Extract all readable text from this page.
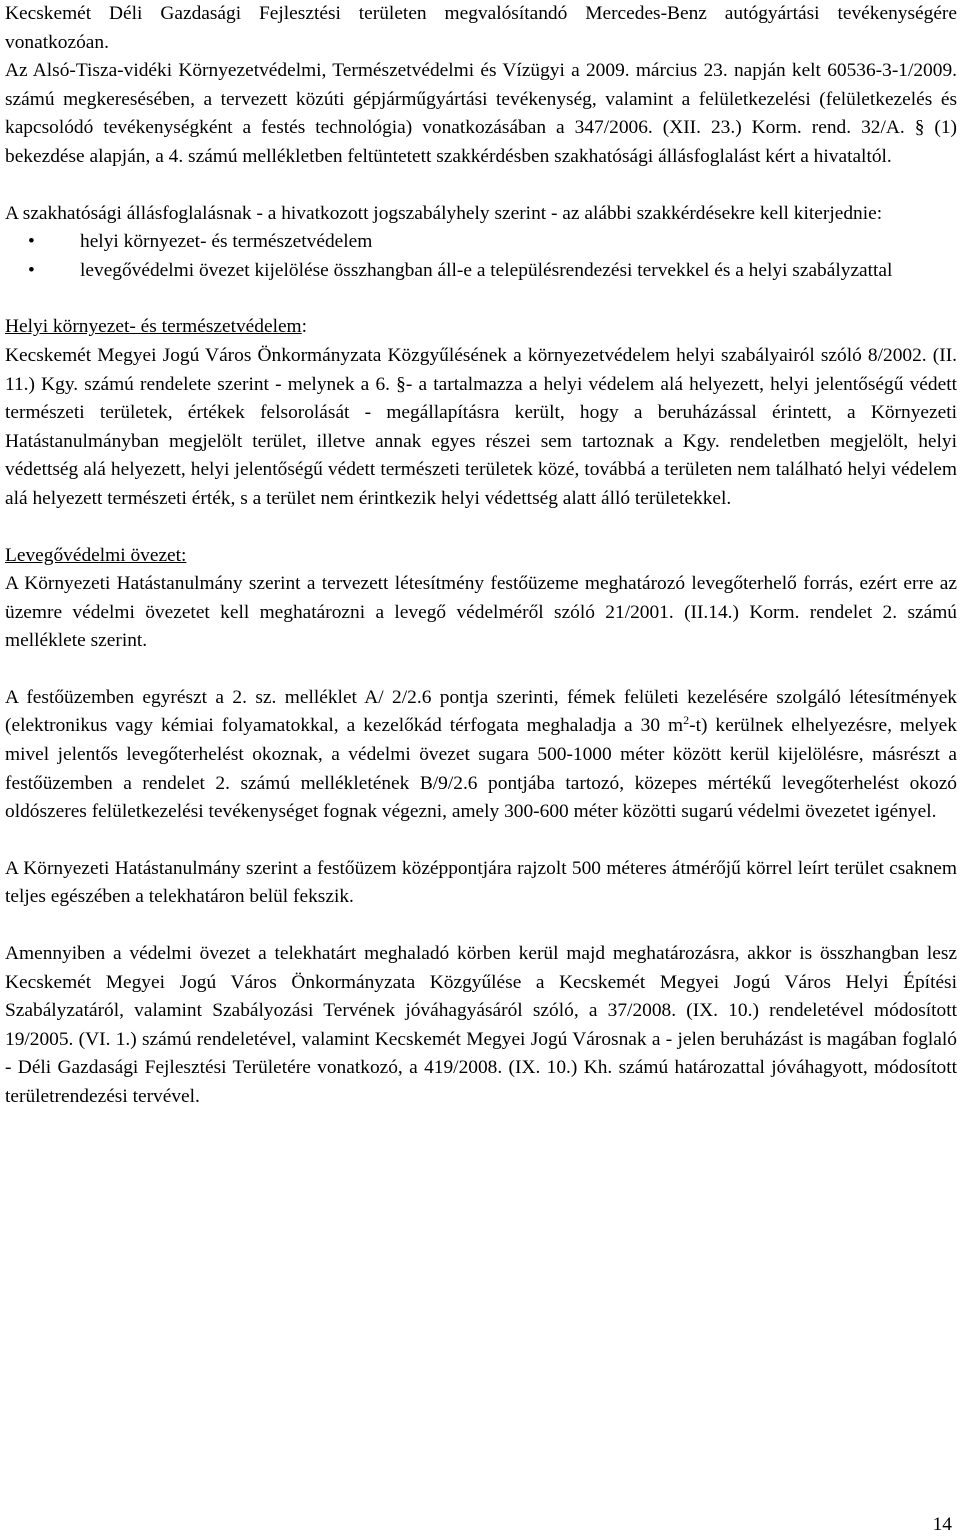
Kecskemét Déli Gazdasági Fejlesztési területen megvalósítandó Mercedes-Benz autógyártási tevékenységére vonatkozóan.

Az Alsó-Tisza-vidéki Környezetvédelmi, Természetvédelmi és Vízügyi a 2009. március 23. napján kelt 60536-3-1/2009. számú megkeresésében, a tervezett közúti gépjárműgyártási tevékenység, valamint a felületkezelési (felületkezelés és kapcsolódó tevékenységként a festés technológia) vonatkozásában a 347/2006. (XII. 23.) Korm. rend. 32/A. § (1) bekezdése alapján, a 4. számú mellékletben feltüntetett szakkérdésben szakhatósági állásfoglalást kért a hivataltól.

A szakhatósági állásfoglalásnak - a hivatkozott jogszabályhely szerint - az alábbi szakkérdésekre kell kiterjednie:

• helyi környezet- és természetvédelem
• levegővédelmi övezet kijelölése összhangban áll-e a településrendezési tervekkel és a helyi szabályzattal

Helyi környezet- és természetvédelem:

Kecskemét Megyei Jogú Város Önkormányzata Közgyűlésének a környezetvédelem helyi szabályairól szóló 8/2002. (II. 11.) Kgy. számú rendelete szerint - melynek a 6. §- a tartalmazza a helyi védelem alá helyezett, helyi jelentőségű védett természeti területek, értékek felsorolását - megállapításra került, hogy a beruházással érintett, a Környezeti Hatástanulmányban megjelölt terület, illetve annak egyes részei sem tartoznak a Kgy. rendeletben megjelölt, helyi védettség alá helyezett, helyi jelentőségű védett természeti területek közé, továbbá a területen nem található helyi védelem alá helyezett természeti érték, s a terület nem érintkezik helyi védettség alatt álló területekkel.

Levegővédelmi övezet:

A Környezeti Hatástanulmány szerint a tervezett létesítmény festőüzeme meghatározó levegőterhelő forrás, ezért erre az üzemre védelmi övezetet kell meghatározni a levegő védelméről szóló 21/2001. (II.14.) Korm. rendelet 2. számú melléklete szerint.

A festőüzemben egyrészt a 2. sz. melléklet A/ 2/2.6 pontja szerinti, fémek felületi kezelésére szolgáló létesítmények (elektronikus vagy kémiai folyamatokkal, a kezelőkád térfogata meghaladja a 30 $m^2-t$) kerülnek elhelyezésre, melyek mivel jelentős levegőterhelést okoznak, a védelmi övezet sugara 500-1000 méter között kerül kijelölésre, másrészt a festőüzemben a rendelet 2. számú mellékletének B/9/2.6 pontjába tartozó, közepes mértékű levegőterhelést okozó oldószeres felületkezelési tevékenységet fognak végezni, amely 300-600 méter közötti sugarú védelmi övezetet igényel.

A Környezeti Hatástanulmány szerint a festőüzem középpontjára rajzolt 500 méteres átmérőjű körrel leírt terület csaknem teljes egészében a telekhatáron belül fekszik.

Amennyiben a védelmi övezet a telekhatárt meghaladó körben kerül majd meghatározásra, akkor is összhangban lesz Kecskemét Megyei Jogú Város Önkormányzata Közgyűlése a Kecskemét Megyei Jogú Város Helyi Építési Szabályzatáról, valamint Szabályozási Tervének jóváhagyásáról szóló, a 37/2008. (IX. 10.) rendeletével módosított 19/2005. (VI. 1.) számú rendeletével, valamint Kecskemét Megyei Jogú Városnak a - jelen beruházást is magában foglaló - Déli Gazdasági Fejlesztési Területére vonatkozó, a 419/2008. (IX. 10.) Kh. számú határozattal jóváhagyott, módosított területrendezési tervével.

14
